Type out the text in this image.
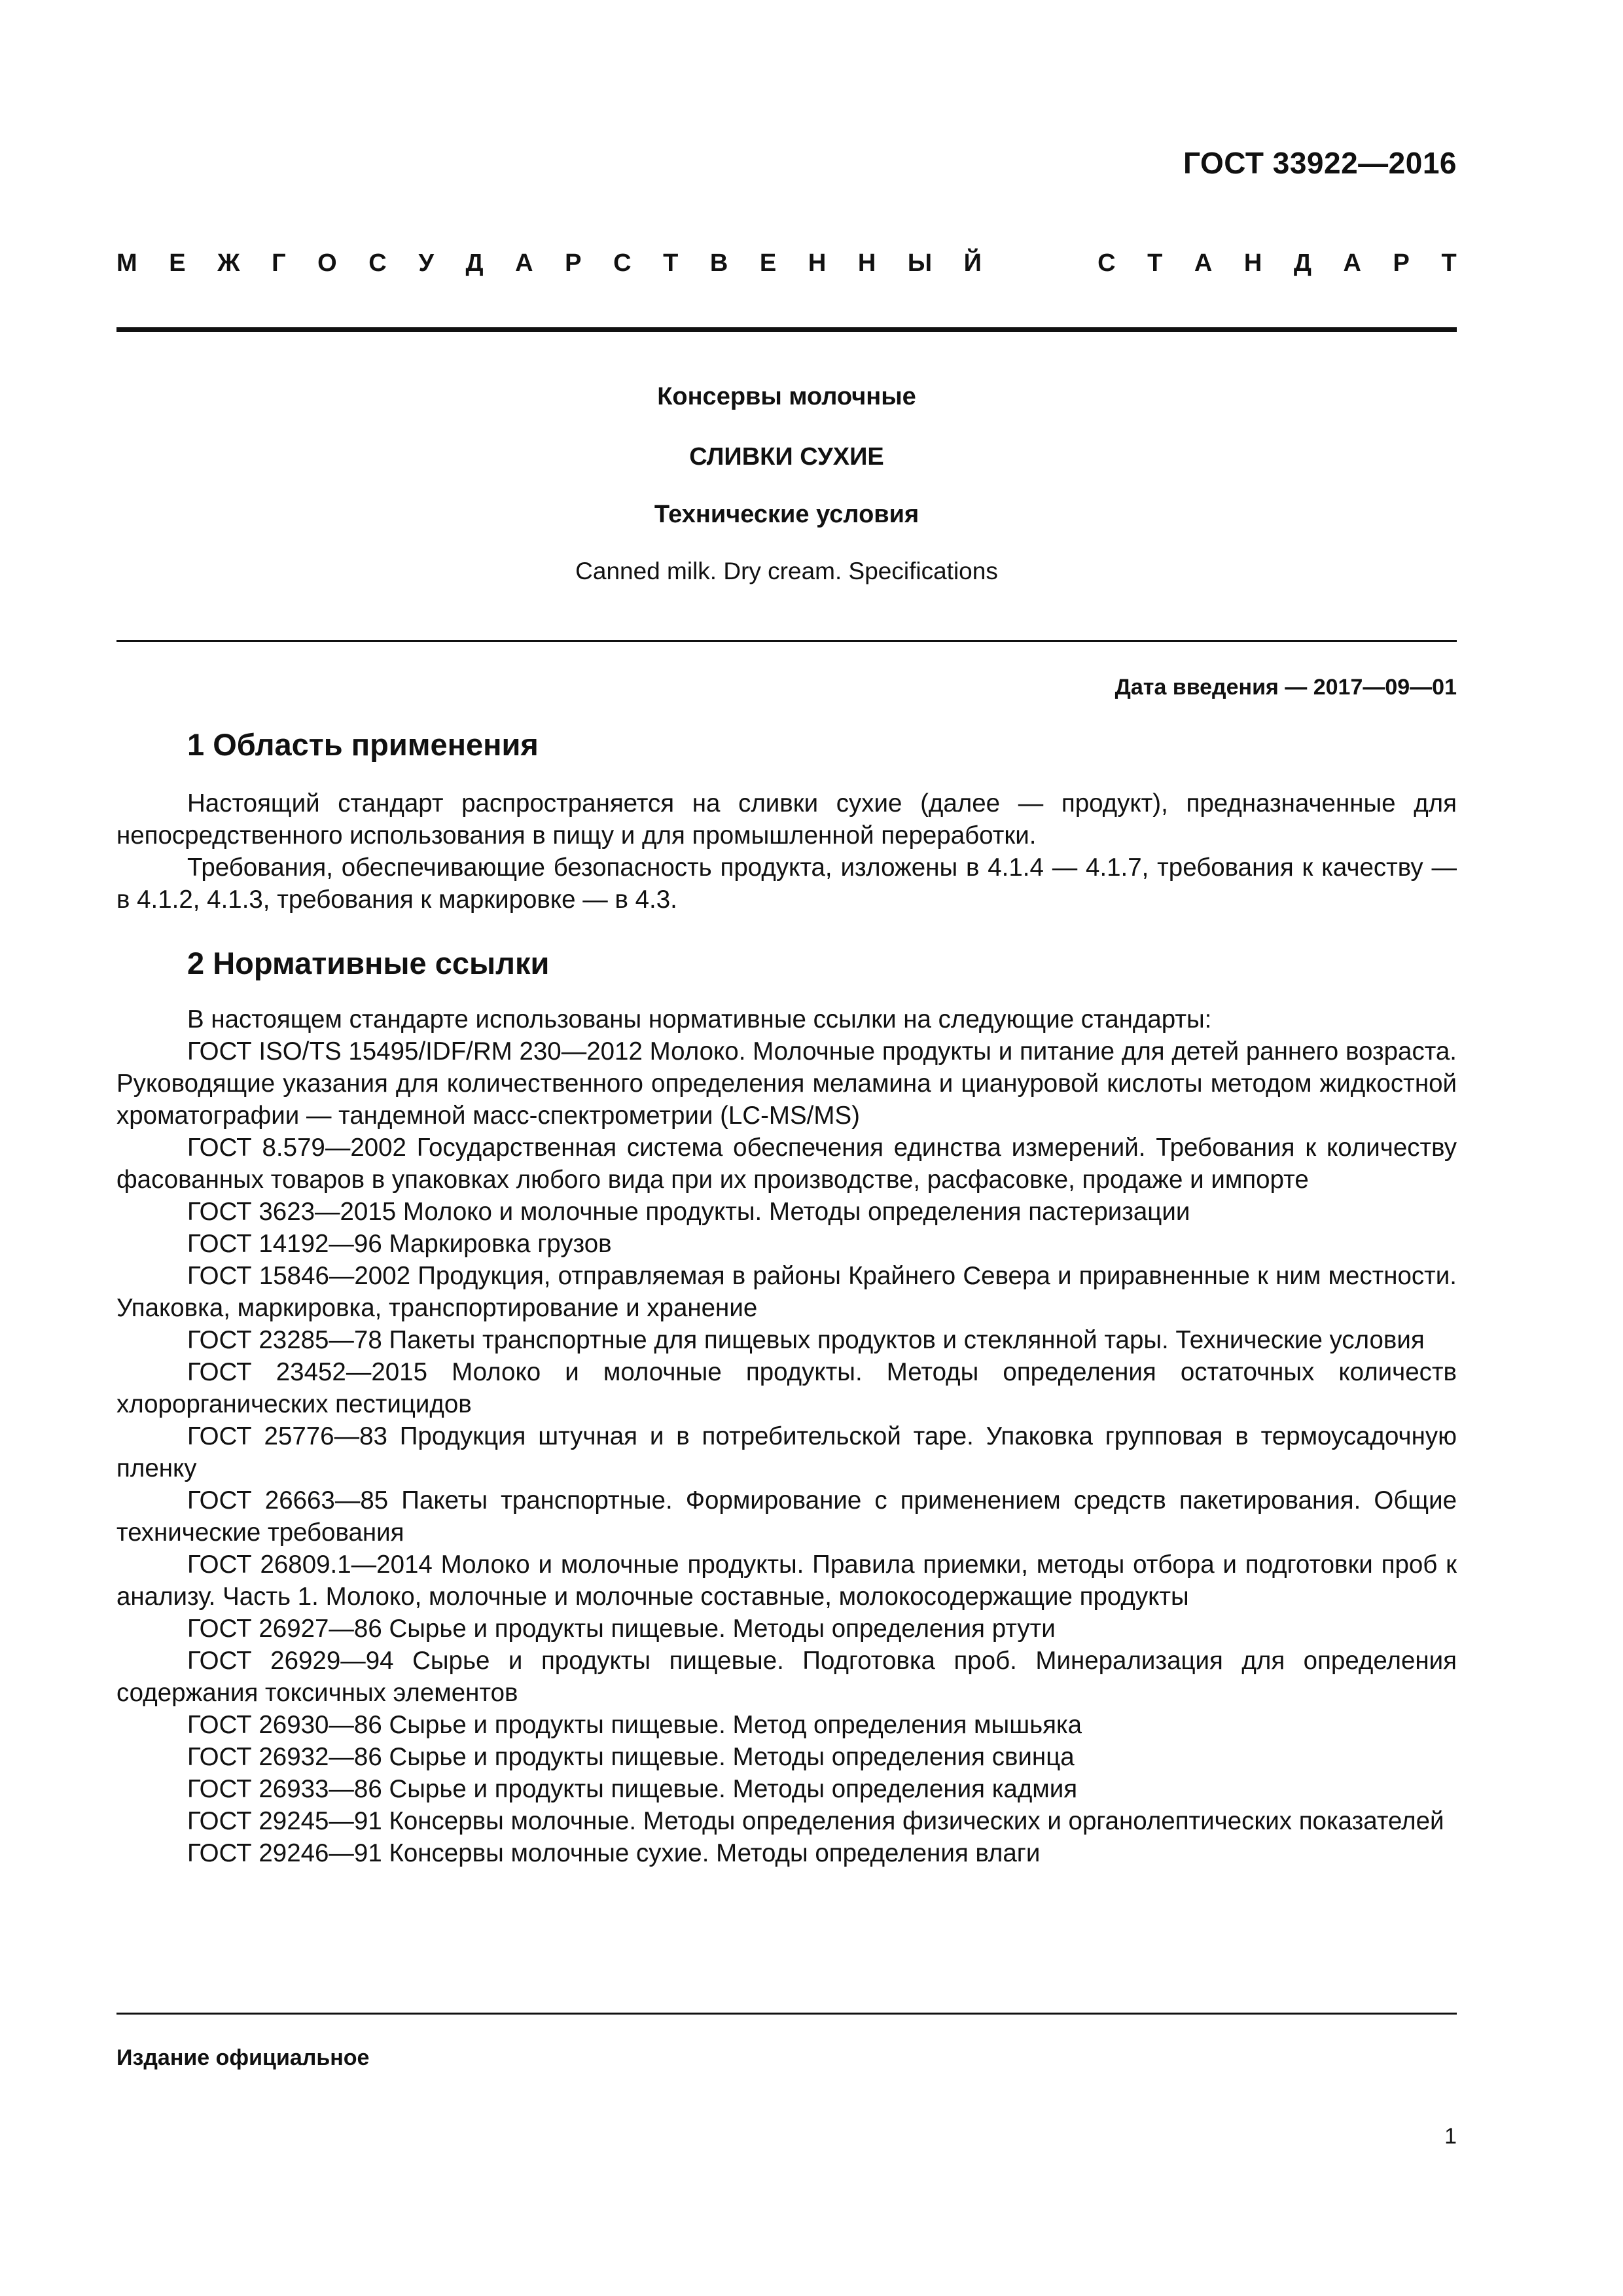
ГОСТ 33922—2016
М Е Ж Г О С У Д А Р С Т В Е Н Н Ы Й	С Т А Н Д А Р Т
Консервы молочные
СЛИВКИ СУХИЕ
Технические условия
Canned milk. Dry cream. Specifications
Дата введения — 2017—09—01
1 Область применения

Настоящий стандарт распространяется на сливки сухие (далее — продукт), предназначенные для непосредственного использования в пищу и для промышленной переработки.

Требования, обеспечивающие безопасность продукта, изложены в 4.1.4 — 4.1.7, требования к качеству — в 4.1.2, 4.1.3, требования к маркировке — в 4.3.

2 Нормативные ссылки

В настоящем стандарте использованы нормативные ссылки на следующие стандарты:

ГОСТ ISO/TS 15495/IDF/RM 230—2012 Молоко. Молочные продукты и питание для детей раннего возраста. Руководящие указания для количественного определения меламина и циануровой кислоты методом жидкостной хроматографии — тандемной масс-спектрометрии (LC-MS/MS)

ГОСТ 8.579—2002 Государственная система обеспечения единства измерений. Требования к количеству фасованных товаров в упаковках любого вида при их производстве, расфасовке, продаже и импорте

ГОСТ 3623—2015 Молоко и молочные продукты. Методы определения пастеризации

ГОСТ 14192—96 Маркировка грузов

ГОСТ 15846—2002 Продукция, отправляемая в районы Крайнего Севера и приравненные к ним местности. Упаковка, маркировка, транспортирование и хранение

ГОСТ 23285—78 Пакеты транспортные для пищевых продуктов и стеклянной тары. Технические условия

ГОСТ 23452—2015 Молоко и молочные продукты. Методы определения остаточных количеств хлорорганических пестицидов

ГОСТ 25776—83 Продукция штучная и в потребительской таре. Упаковка групповая в термоусадочную пленку

ГОСТ 26663—85 Пакеты транспортные. Формирование с применением средств пакетирования. Общие технические требования

ГОСТ 26809.1—2014 Молоко и молочные продукты. Правила приемки, методы отбора и подготовки проб к анализу. Часть 1. Молоко, молочные и молочные составные, молокосодержащие продукты

ГОСТ 26927—86 Сырье и продукты пищевые. Методы определения ртути

ГОСТ 26929—94 Сырье и продукты пищевые. Подготовка проб. Минерализация для определения содержания токсичных элементов

ГОСТ 26930—86 Сырье и продукты пищевые. Метод определения мышьяка

ГОСТ 26932—86 Сырье и продукты пищевые. Методы определения свинца

ГОСТ 26933—86 Сырье и продукты пищевые. Методы определения кадмия

ГОСТ 29245—91 Консервы молочные. Методы определения физических и органолептических показателей

ГОСТ 29246—91 Консервы молочные сухие. Методы определения влаги

Издание официальное
1
